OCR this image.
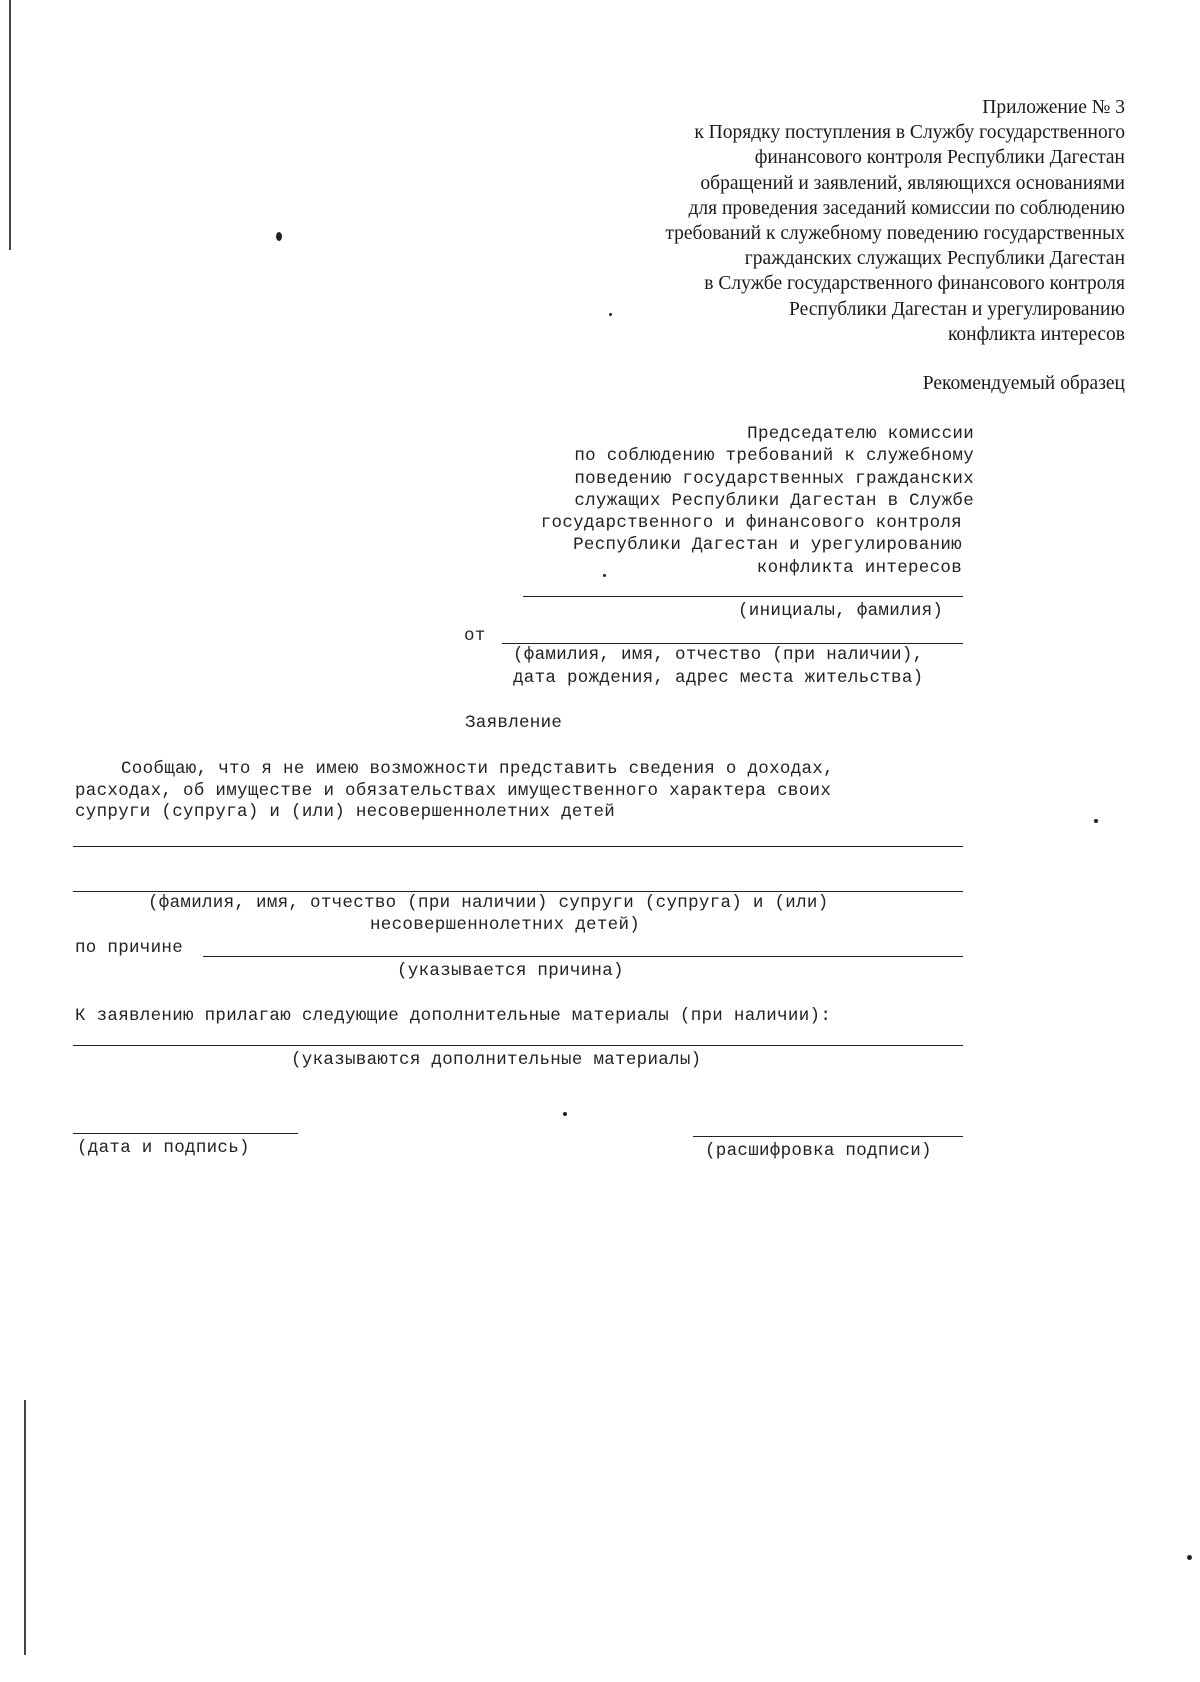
Приложение № 3
к Порядку поступления в Службу государственного
финансового контроля Республики Дагестан
обращений и заявлений, являющихся основаниями
для проведения заседаний комиссии по соблюдению
требований к служебному поведению государственных
гражданских служащих Республики Дагестан
в Службе государственного финансового контроля
Республики Дагестан и урегулированию
конфликта интересов
Рекомендуемый образец
Председателю комиссии
по соблюдению требований к служебному
поведению государственных гражданских
служащих Республики Дагестан в Службе
государственного и финансового контроля
Республики Дагестан и урегулированию
конфликта интересов
(инициалы, фамилия)
от
(фамилия, имя, отчество (при наличии),
дата рождения, адрес места жительства)
Заявление
Сообщаю, что я не имею возможности представить сведения о доходах,
расходах, об имуществе и обязательствах имущественного характера своих
супруги (супруга) и (или) несовершеннолетних детей
(фамилия, имя, отчество (при наличии) супруги (супруга) и (или)
несовершеннолетних детей)
по причине
(указывается причина)
К заявлению прилагаю следующие дополнительные материалы (при наличии):
(указываются дополнительные материалы)
(дата и подпись)	(расшифровка подписи)
